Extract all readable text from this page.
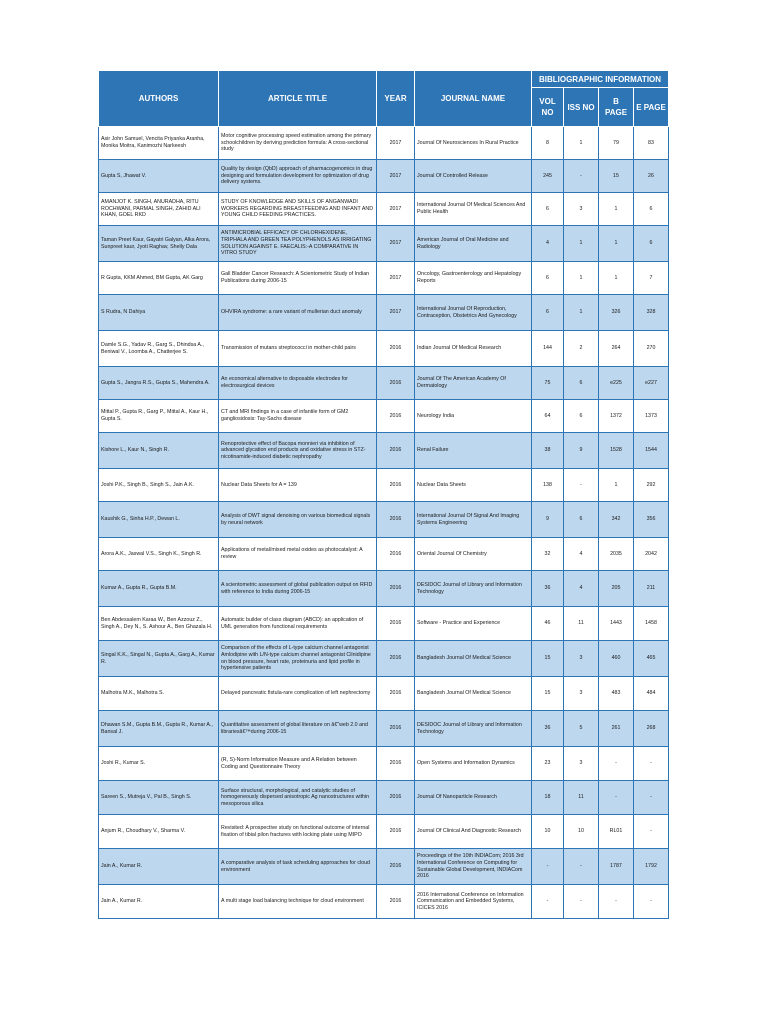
AUTHORS	ARTICLE TITLE	YEAR	JOURNAL NAME	BIBLIOGRAPHIC INFORMATION			
				VOL NO	ISS NO	B PAGE	E PAGE
Asir John Samuel, Vencita Priyanka Aranha, Monika Moitra, Kanimozhi Narkeesh	Motor cognitive processing speed estimation among the primary schoolchildren by deriving prediction formula: A cross-sectional study	2017	Journal Of Neurosciences In Rural Practice	8	1	79	83
Gupta S, Jhawat V.	Quality by design (QbD) approach of pharmacogenomics in drug designing and formulation development for optimization of drug delivery systems.	2017	Journal Of Controlled Release	245	-	15	26
AMANJOT K. SINGH, ANURADHA, RITU ROCHWANI, PARMAL SINGH, ZAHID ALI KHAN, GOEL RKD	STUDY OF KNOWLEDGE AND SKILLS OF ANGANWADI WORKERS REGARDING BREASTFEEDING AND INFANT AND YOUNG CHILD FEEDING PRACTICES.	2017	International Journal Of Medical Sciences And Public Health	6	3	1	6
Taman Preet Kaur, Gayatri Galyan, Alka Arora, Sunpreet kaur, Jyoti Raghav, Shelly Dala	ANTIMICROBIAL EFFICACY OF CHLORHEXIDENE, TRIPHALA AND GREEN TEA POLYPHENOLS AS IRRIGATING SOLUTION AGAINST E. FAECALIS:-A COMPARATIVE IN VITRO STUDY	2017	American Journal of Oral Medicine and Radiology	4	1	1	6
R Gupta, KKM Ahmed, BM Gupta, AK Garg	Gall Bladder Cancer Research: A Scientometric Study of Indian Publications during 2006-15	2017	Oncology, Gastroenterology and Hepatology Reports	6	1	1	7
S Rudra, N Dahiya	OHVIRA syndrome: a rare variant of mullerian duct anomaly	2017	International Journal Of Reproduction, Contraception, Obstetrics And Gynecology	6	1	326	328
Damle S.G., Yadav R., Garg S., Dhindsa A., Beniwal V., Loomba A., Chatterjee S.	Transmission of mutans streptococci in mother-child pairs	2016	Indian Journal Of Medical Research	144	2	264	270
Gupta S., Jangra R.S., Gupta S., Mahendra A.	An economical alternative to disposable electrodes for electrosurgical devices	2016	Journal Of The American Academy Of Dermatology	75	6	e225	e227
Mittal P., Gupta R., Garg P., Mittal A., Kaur H., Gupta S.	CT and MRI findings in a case of infantile form of GM2 gangliosidosis: Tay-Sachs disease	2016	Neurology India	64	6	1372	1373
Kishore L., Kaur N., Singh R.	Renoprotective effect of Bacopa monnieri via inhibition of advanced glycation end products and oxidative stress in STZ-nicotinamide-induced diabetic nephropathy	2016	Renal Failure	38	9	1528	1544
Joshi P.K., Singh B., Singh S., Jain A.K.	Nuclear Data Sheets for A = 139	2016	Nuclear Data Sheets	138	-	1	292
Kaushik G., Sinha H.P., Dewan L.	Analysis of DWT signal denoising on various biomedical signals by neural network	2016	International Journal Of Signal And Imaging Systems Engineering	9	6	342	356
Arora A.K., Jaswal V.S., Singh K., Singh R.	Applications of metal/mixed metal oxides as photocatalyst: A review	2016	Oriental Journal Of Chemistry	32	4	2035	2042
Kumar A., Gupta R., Gupta B.M.	A scientometric assessment of global publication output on RFID with reference to India during 2006-15	2016	DESIDOC Journal of Library and Information Technology	36	4	205	211
Ben Abdessalem Karaa W., Ben Azzouz Z., Singh A., Dey N., S. Ashour A., Ben Ghazala H.	Automatic builder of class diagram (ABCD): an application of UML generation from functional requirements	2016	Software - Practice and Experience	46	11	1443	1458
Singal K.K., Singal N., Gupta A., Garg A., Kumar R.	Comparison of the effects of L-type calcium channel antagonist Amlodipine with L/N-type calcium channel antagonist Cilnidipine on blood pressure, heart rate, proteinuria and lipid profile in hypertensive patients	2016	Bangladesh Journal Of Medical Science	15	3	460	465
Malhotra M.K., Malhotra S.	Delayed pancreatic fistula-rare complication of left nephrectomy	2016	Bangladesh Journal Of Medical Science	15	3	483	484
Dhawan S.M., Gupta B.M., Gupta R., Kumar A., Bansal J.	Quantitative assessment of global literature on â€˜web 2.0 and librariesâ€™during 2006-15	2016	DESIDOC Journal of Library and Information Technology	36	5	261	268
Joshi R., Kumar S.	(R, S)-Norm Information Measure and A Relation between Coding and Questionnaire Theory	2016	Open Systems and Information Dynamics	23	3	-	-
Sareen S., Mutreja V., Pal B., Singh S.	Surface structural, morphological, and catalytic studies of homogeneously dispersed anisotropic Ag nanostructures within mesoporous silica	2016	Journal Of Nanoparticle Research	18	11	-	-
Anjum R., Choudhary V., Sharma V.	Revisited: A prospective study on functional outcome of internal fixation of tibial pilon fractures with locking plate using MIPO	2016	Journal Of Clinical And Diagnostic Research	10	10	RL01	-
Jain A., Kumar R.	A comparative analysis of task scheduling approaches for cloud environment	2016	Proceedings of the 10th INDIACom; 2016 3rd International Conference on Computing for Sustainable Global Development, INDIACom 2016	-	-	1787	1792
Jain A., Kumar R.	A multi stage load balancing technique for cloud environment	2016	2016 International Conference on Information Communication and Embedded Systems, ICICES 2016	-	-	-	-
